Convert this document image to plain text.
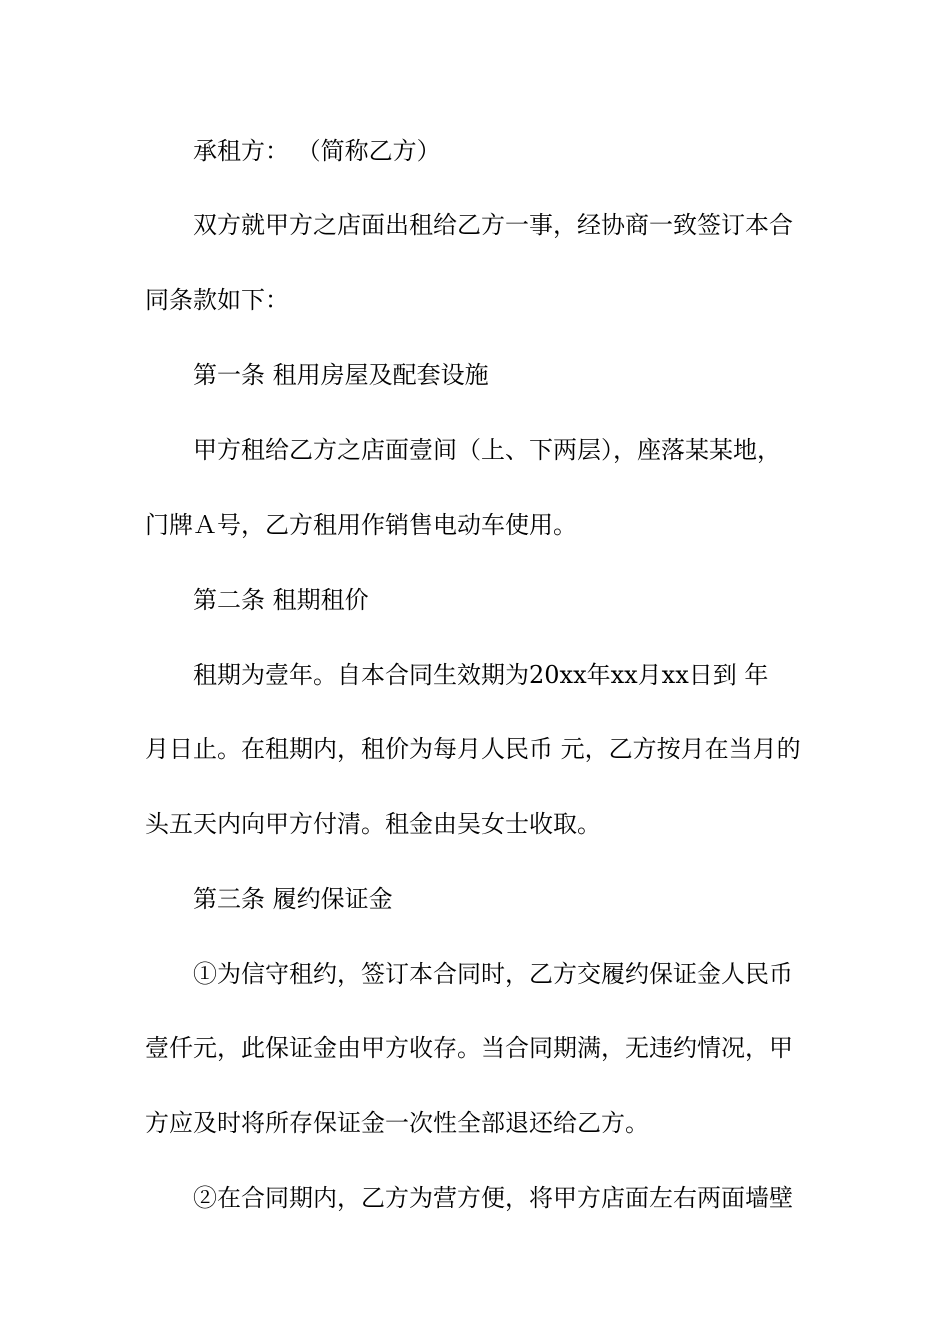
承租方： （简称乙方）

双方就甲方之店面出租给乙方一事，经协商一致签订本合

同条款如下：

第一条 租用房屋及配套设施

甲方租给乙方之店面壹间（上、下两层），座落某某地，

门牌Ａ号，乙方租用作销售电动车使用。

第二条 租期租价

租期为壹年。自本合同生效期为20xx年xx月xx日到 年

月日止。在租期内，租价为每月人民币 元，乙方按月在当月的

头五天内向甲方付清。租金由吴女士收取。

第三条 履约保证金

①为信守租约，签订本合同时，乙方交履约保证金人民币

壹仟元，此保证金由甲方收存。当合同期满，无违约情况，甲

方应及时将所存保证金一次性全部退还给乙方。

②在合同期内，乙方为营方便，将甲方店面左右两面墙壁
